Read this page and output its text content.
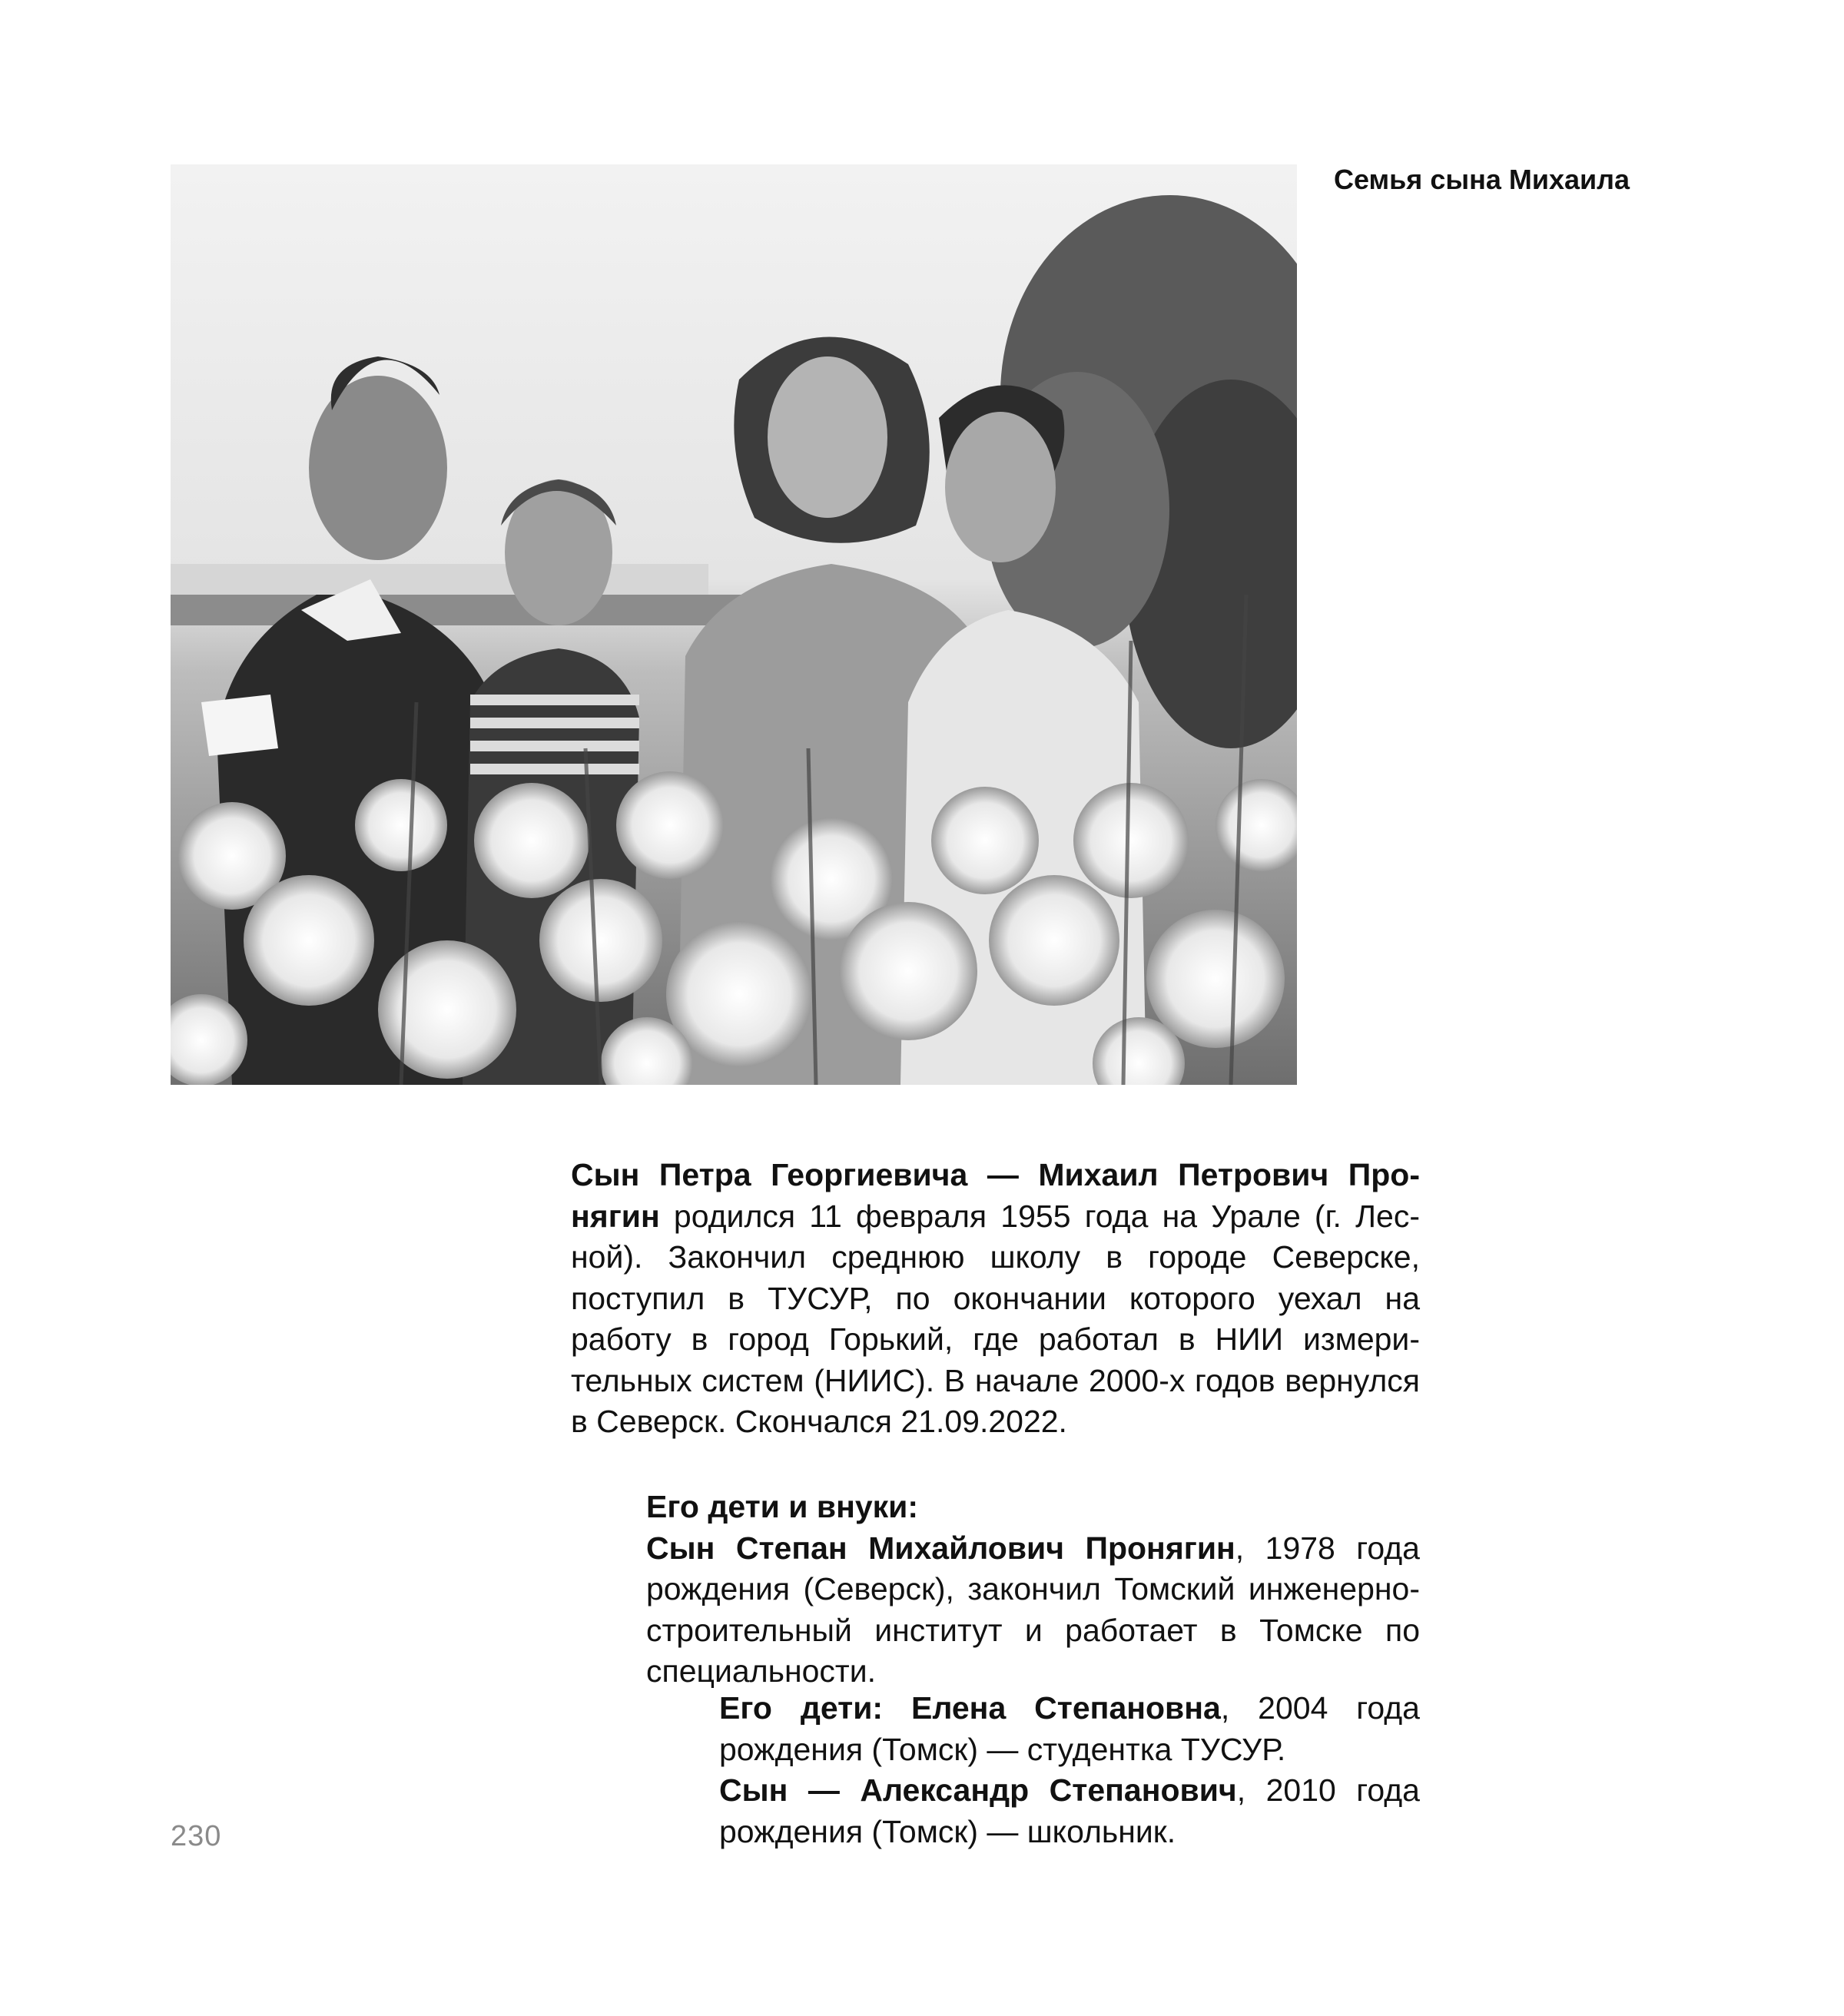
Семья сына Михаила
Сын Петра Георгиевича — Михаил Петрович Пронягин родился 11 февраля 1955 года на Урале (г. Лесной). Закончил среднюю школу в городе Северске, поступил в ТУСУР, по окончании которого уехал на работу в город Горький, где работал в НИИ измерительных систем (НИИС). В начале 2000-х годов вернулся в Северск. Скончался 21.09.2022.
Его дети и внуки:
Сын Степан Михайлович Пронягин, 1978 года рождения (Северск), закончил Томский инженерно-строительный институт и работает в Томске по специальности.
Его дети: Елена Степановна, 2004 года рождения (Томск) — студентка ТУСУР.
Сын — Александр Степанович, 2010 года рождения (Томск) — школьник.
230
